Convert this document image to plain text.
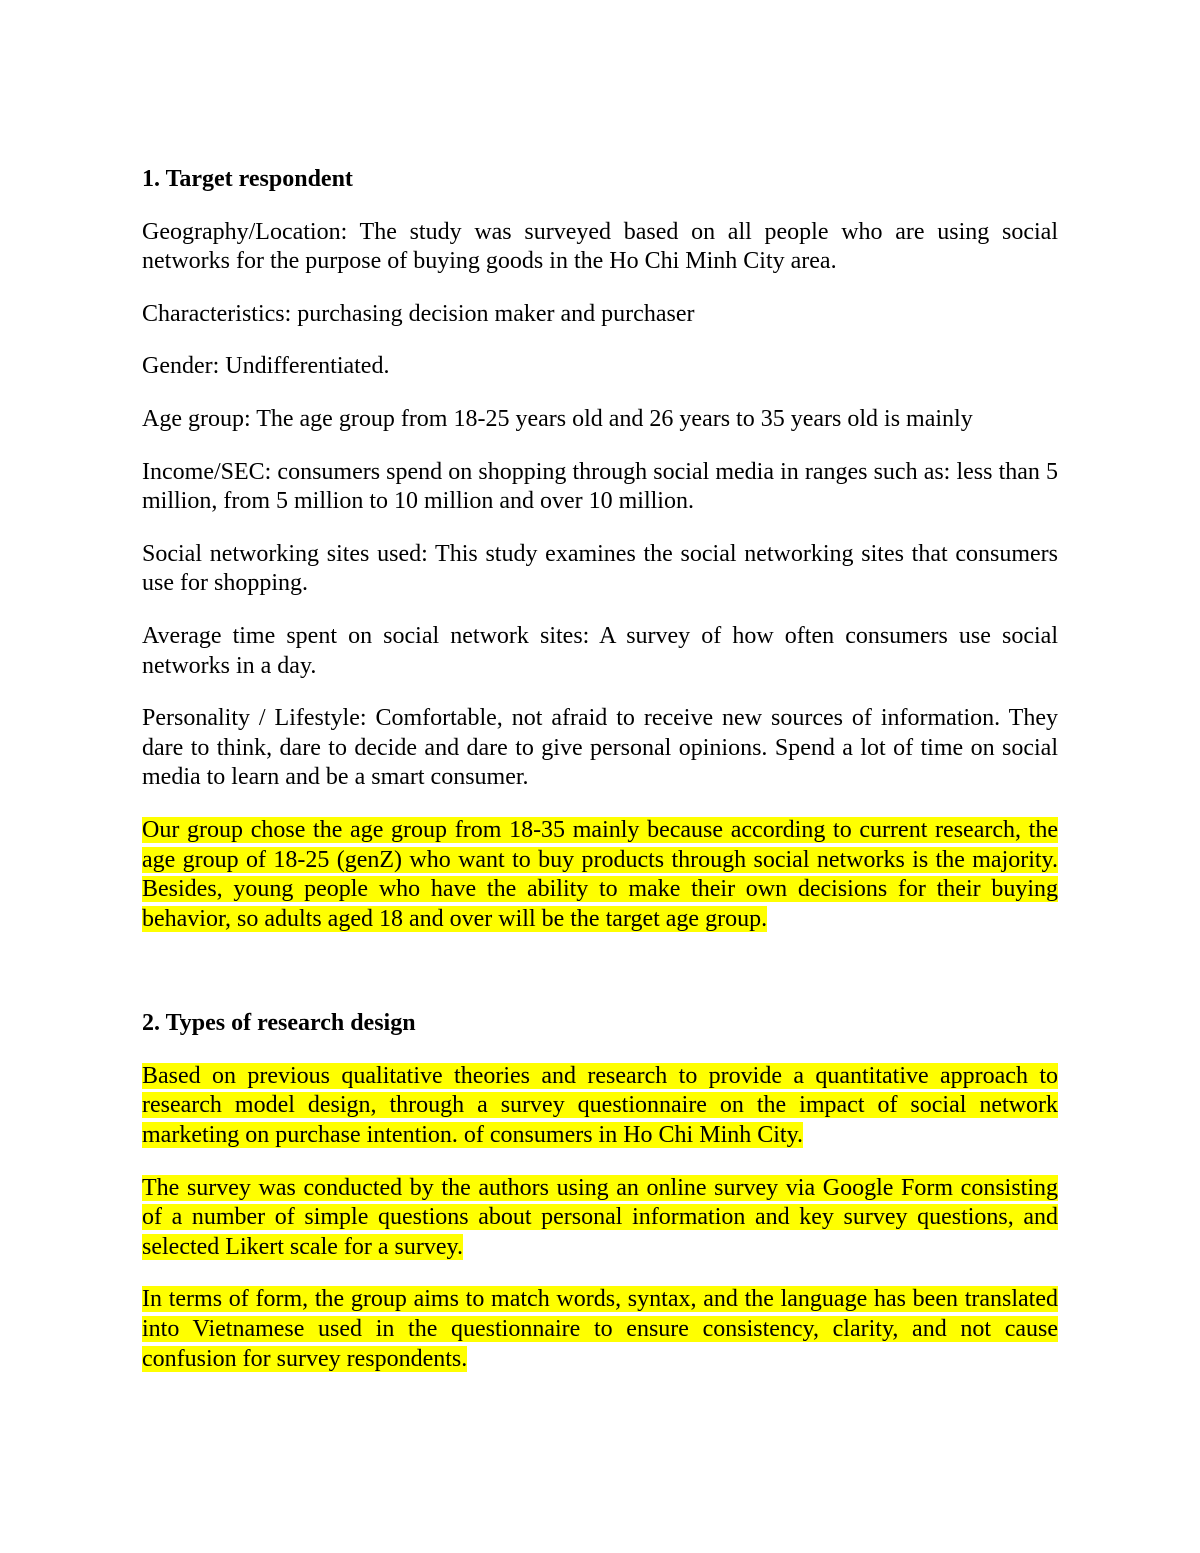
1. Target respondent

Geography/Location: The study was surveyed based on all people who are using social networks for the purpose of buying goods in the Ho Chi Minh City area.

Characteristics: purchasing decision maker and purchaser

Gender: Undifferentiated.

Age group: The age group from 18-25 years old and 26 years to 35 years old is mainly

Income/SEC: consumers spend on shopping through social media in ranges such as: less than 5 million, from 5 million to 10 million and over 10 million.

Social networking sites used: This study examines the social networking sites that consumers use for shopping.

Average time spent on social network sites: A survey of how often consumers use social networks in a day.

Personality / Lifestyle: Comfortable, not afraid to receive new sources of information. They dare to think, dare to decide and dare to give personal opinions. Spend a lot of time on social media to learn and be a smart consumer.

Our group chose the age group from 18-35 mainly because according to current research, the age group of 18-25 (genZ) who want to buy products through social networks is the majority. Besides, young people who have the ability to make their own decisions for their buying behavior, so adults aged 18 and over will be the target age group.

2. Types of research design

Based on previous qualitative theories and research to provide a quantitative approach to research model design, through a survey questionnaire on the impact of social network marketing on purchase intention. of consumers in Ho Chi Minh City.

The survey was conducted by the authors using an online survey via Google Form consisting of a number of simple questions about personal information and key survey questions, and selected Likert scale for a survey.

In terms of form, the group aims to match words, syntax, and the language has been translated into Vietnamese used in the questionnaire to ensure consistency, clarity, and not cause confusion for survey respondents.
